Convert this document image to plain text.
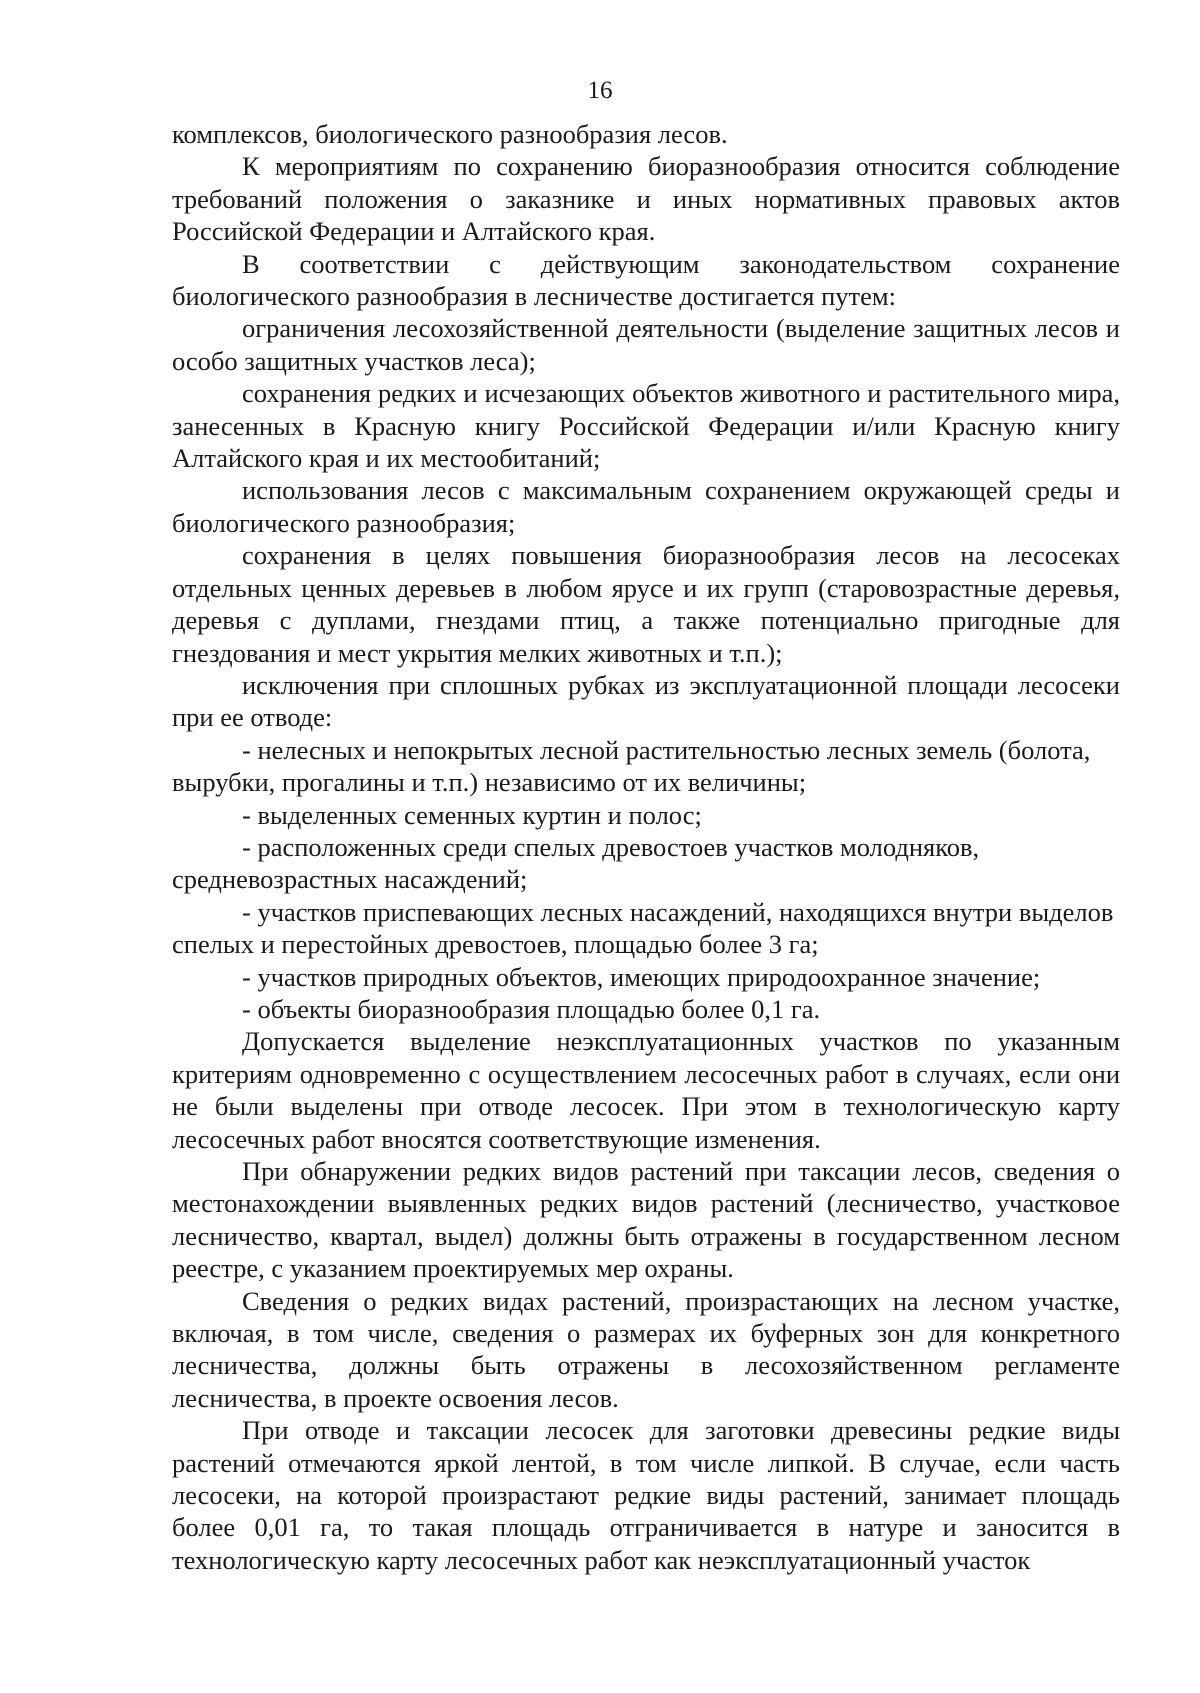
16

комплексов, биологического разнообразия лесов.

К мероприятиям по сохранению биоразнообразия относится соблюдение требований положения о заказнике и иных нормативных правовых актов Российской Федерации и Алтайского края.

В соответствии с действующим законодательством сохранение биологического разнообразия в лесничестве достигается путем:

ограничения лесохозяйственной деятельности (выделение защитных лесов и особо защитных участков леса);

сохранения редких и исчезающих объектов животного и растительного мира, занесенных в Красную книгу Российской Федерации и/или Красную книгу Алтайского края и их местообитаний;

использования лесов с максимальным сохранением окружающей среды и биологического разнообразия;

сохранения в целях повышения биоразнообразия лесов на лесосеках отдельных ценных деревьев в любом ярусе и их групп (старовозрастные деревья, деревья с дуплами, гнездами птиц, а также потенциально пригодные для гнездования и мест укрытия мелких животных и т.п.);

исключения при сплошных рубках из эксплуатационной площади лесосеки при ее отводе:

- нелесных и непокрытых лесной растительностью лесных земель (болота, вырубки, прогалины и т.п.) независимо от их величины;

- выделенных семенных куртин и полос;

- расположенных среди спелых древостоев участков молодняков, средневозрастных насаждений;

- участков приспевающих лесных насаждений, находящихся внутри выделов спелых и перестойных древостоев, площадью более 3 га;

- участков природных объектов, имеющих природоохранное значение;

- объекты биоразнообразия площадью более 0,1 га.

Допускается выделение неэксплуатационных участков по указанным критериям одновременно с осуществлением лесосечных работ в случаях, если они не были выделены при отводе лесосек. При этом в технологическую карту лесосечных работ вносятся соответствующие изменения.

При обнаружении редких видов растений при таксации лесов, сведения о местонахождении выявленных редких видов растений (лесничество, участковое лесничество, квартал, выдел) должны быть отражены в государственном лесном реестре, с указанием проектируемых мер охраны.

Сведения о редких видах растений, произрастающих на лесном участке, включая, в том числе, сведения о размерах их буферных зон для конкретного лесничества, должны быть отражены в лесохозяйственном регламенте лесничества, в проекте освоения лесов.

При отводе и таксации лесосек для заготовки древесины редкие виды растений отмечаются яркой лентой, в том числе липкой. В случае, если часть лесосеки, на которой произрастают редкие виды растений, занимает площадь более 0,01 га, то такая площадь отграничивается в натуре и заносится в технологическую карту лесосечных работ как неэксплуатационный участок
